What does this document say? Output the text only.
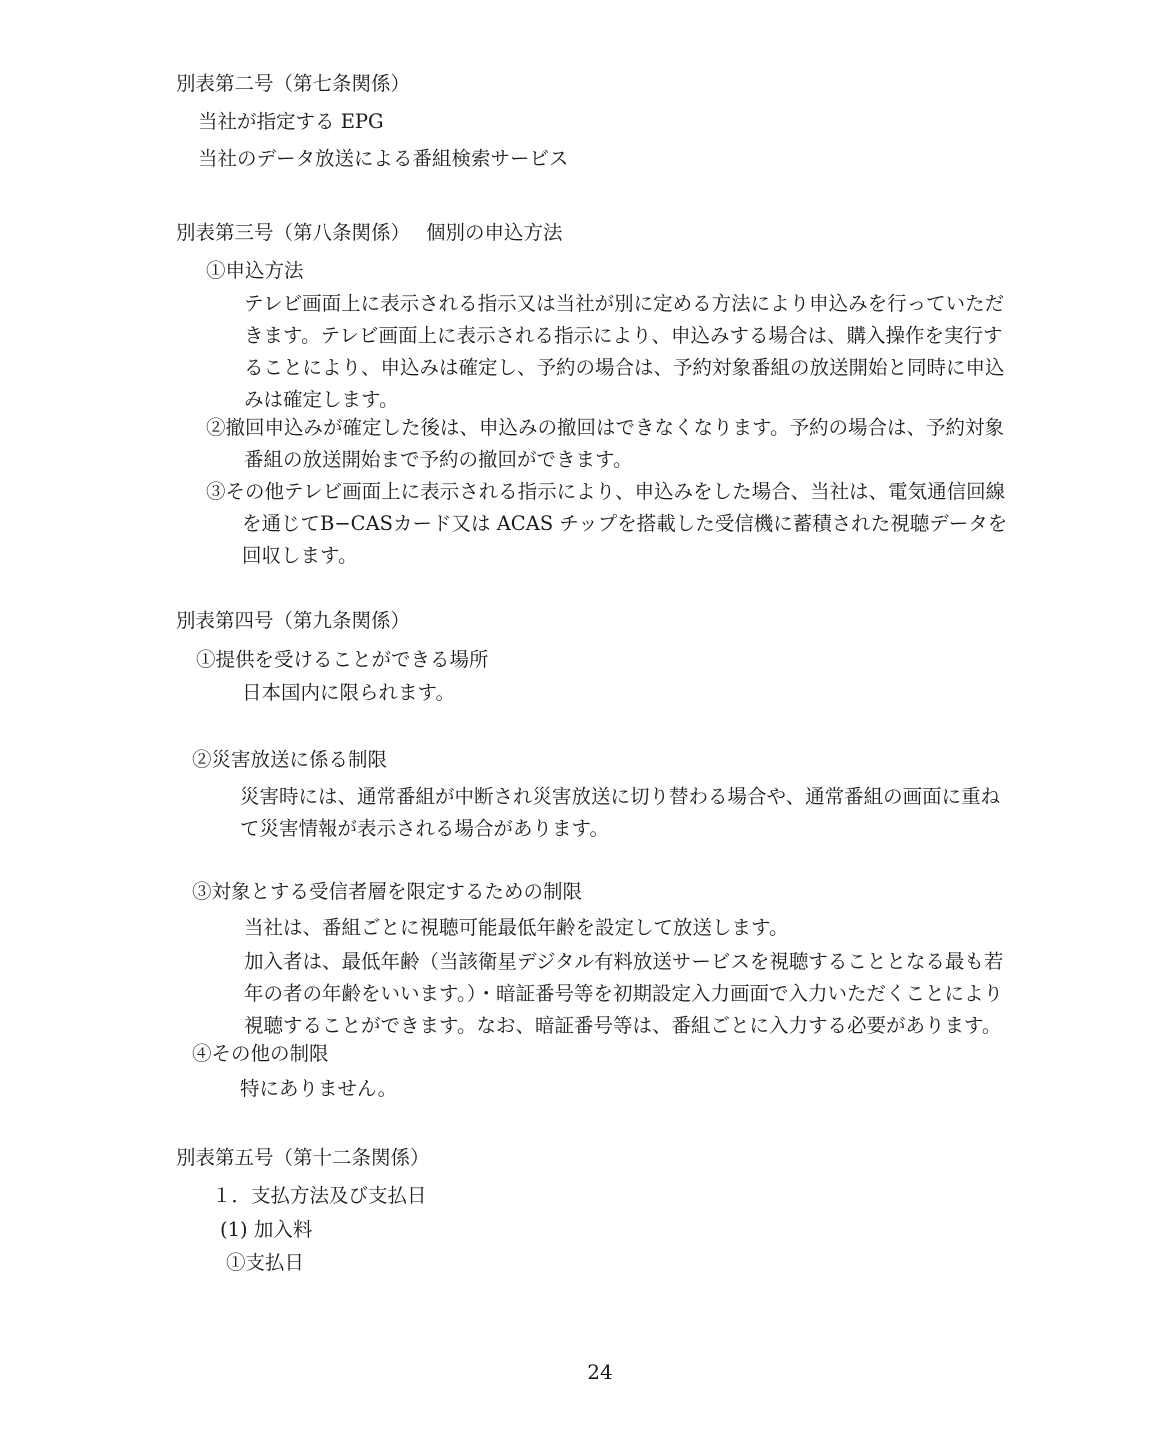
別表第二号（第七条関係）
当社が指定する EPG
当社のデータ放送による番組検索サービス
別表第三号（第八条関係）　 個別の申込方法
①申込方法
テレビ画面上に表示される指示又は当社が別に定める方法により申込みを行っていただ
きます。テレビ画面上に表示される指示により、申込みする場合は、購入操作を実行す
ることにより、申込みは確定し、予約の場合は、予約対象番組の放送開始と同時に申込
みは確定します。
②撤回申込みが確定した後は、申込みの撤回はできなくなります。予約の場合は、予約対象
番組の放送開始まで予約の撤回ができます。
③その他テレビ画面上に表示される指示により、申込みをした場合、当社は、電気通信回線
を通じてB−CASカード又は ACAS チップを搭載した受信機に蓄積された視聴データを
回収します。
別表第四号（第九条関係）
①提供を受けることができる場所
日本国内に限られます。
②災害放送に係る制限
災害時には、通常番組が中断され災害放送に切り替わる場合や、通常番組の画面に重ね
て災害情報が表示される場合があります。
③対象とする受信者層を限定するための制限
当社は、番組ごとに視聴可能最低年齢を設定して放送します。
加入者は、最低年齢（当該衛星デジタル有料放送サービスを視聴することとなる最も若
年の者の年齢をいいます。）・暗証番号等を初期設定入力画面で入力いただくことにより
視聴することができます。なお、暗証番号等は、番組ごとに入力する必要があります。
④その他の制限
特にありません。
別表第五号（第十二条関係）
１．支払方法及び支払日
(1) 加入料
①支払日
24
